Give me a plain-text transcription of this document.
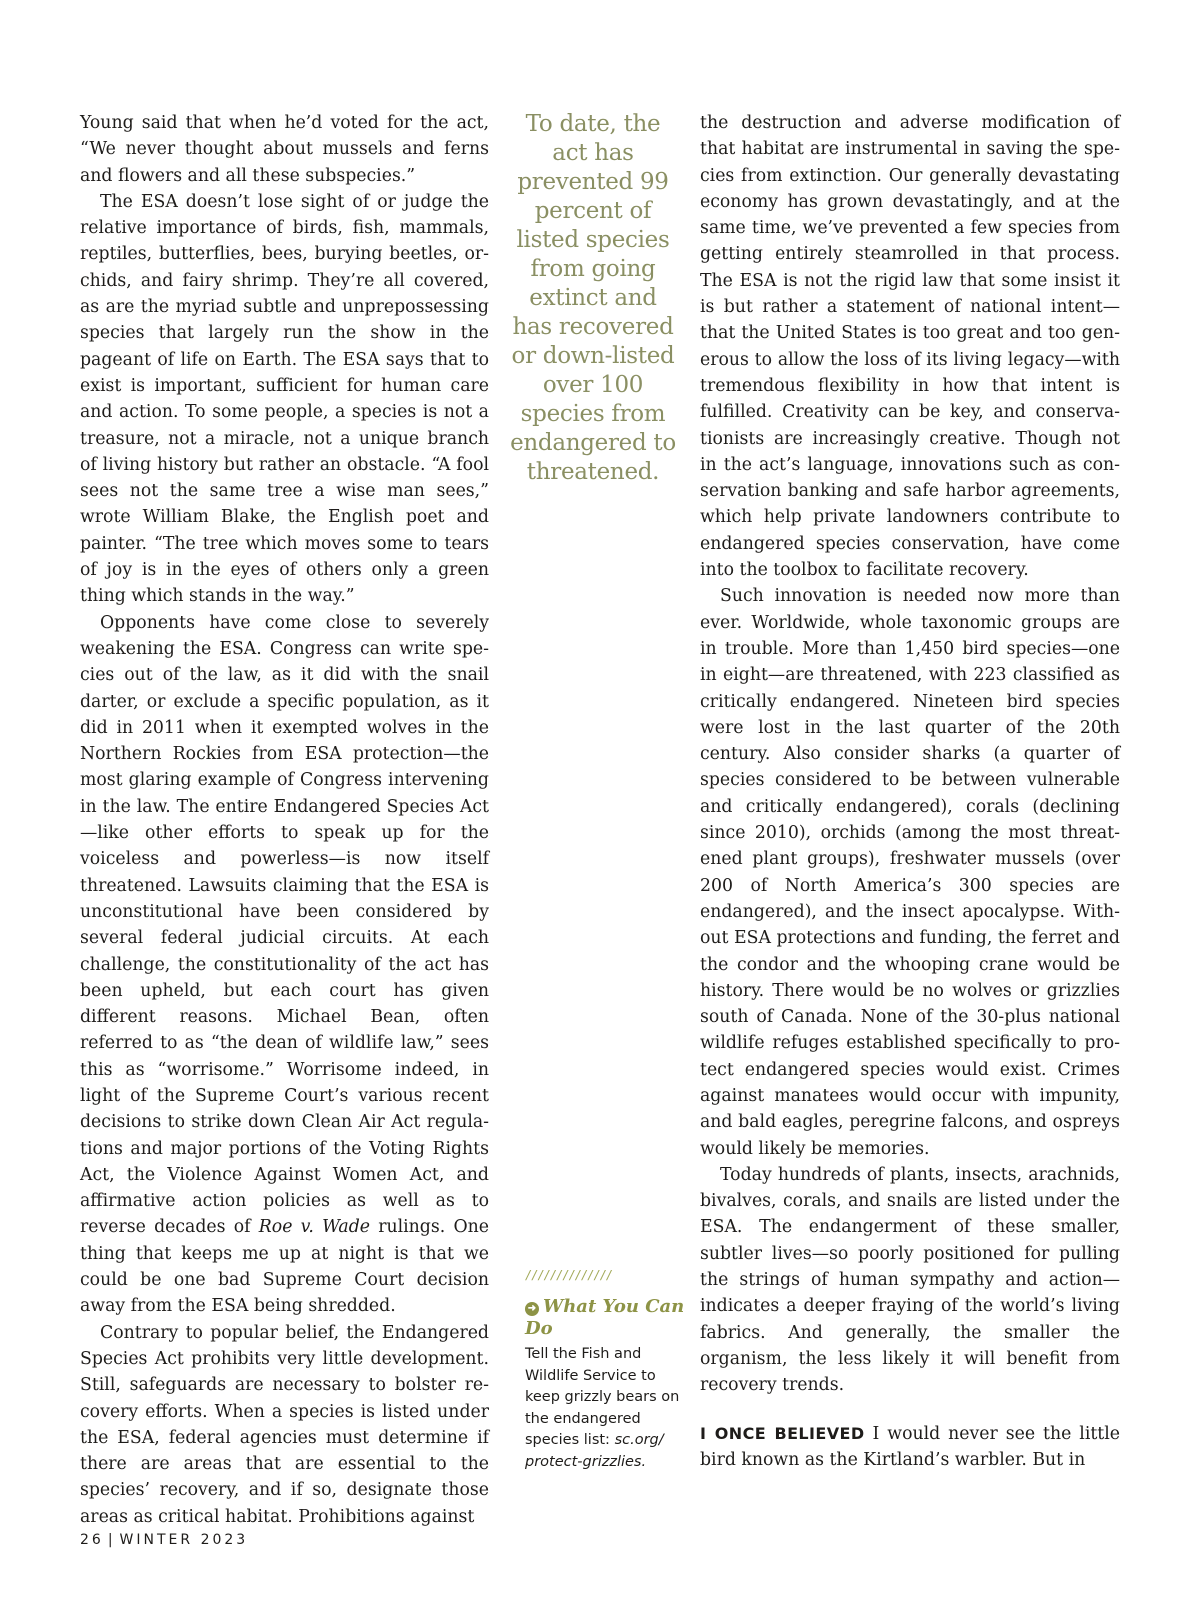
Young said that when he’d voted for the act, “We never thought about mussels and ferns and flowers and all these subspecies.”

The ESA doesn’t lose sight of or judge the relative importance of birds, fish, mammals, reptiles, butterflies, bees, burying beetles, orchids, and fairy shrimp. They’re all covered, as are the myriad subtle and unprepossessing species that largely run the show in the pageant of life on Earth. The ESA says that to exist is important, sufficient for human care and action. To some people, a species is not a treasure, not a miracle, not a unique branch of living history but rather an obstacle. “A fool sees not the same tree a wise man sees,” wrote William Blake, the English poet and painter. “The tree which moves some to tears of joy is in the eyes of others only a green thing which stands in the way.”

Opponents have come close to severely weakening the ESA. Congress can write species out of the law, as it did with the snail darter, or exclude a specific population, as it did in 2011 when it exempted wolves in the Northern Rockies from ESA protection—the most glaring example of Congress intervening in the law. The entire Endangered Species Act—like other efforts to speak up for the voiceless and powerless—is now itself threatened. Lawsuits claiming that the ESA is unconstitutional have been considered by several federal judicial circuits. At each challenge, the constitutionality of the act has been upheld, but each court has given different reasons. Michael Bean, often referred to as “the dean of wildlife law,” sees this as “worrisome.” Worrisome indeed, in light of the Supreme Court’s various recent decisions to strike down Clean Air Act regulations and major portions of the Voting Rights Act, the Violence Against Women Act, and affirmative action policies as well as to reverse decades of Roe v. Wade rulings. One thing that keeps me up at night is that we could be one bad Supreme Court decision away from the ESA being shredded.

Contrary to popular belief, the Endangered Species Act prohibits very little development. Still, safeguards are necessary to bolster recovery efforts. When a species is listed under the ESA, federal agencies must determine if there are areas that are essential to the species’ recovery, and if so, designate those areas as critical habitat. Prohibitions against

To date, the act has prevented 99 percent of listed species from going extinct and has recovered or down-listed over 100 species from endangered to threatened.
//////////////
➜ What You Can Do
Tell the Fish and Wildlife Service to keep grizzly bears on the endangered species list: sc.org/ protect-grizzlies.

the destruction and adverse modification of that habitat are instrumental in saving the species from extinction. Our generally devastating economy has grown devastatingly, and at the same time, we’ve prevented a few species from getting entirely steamrolled in that process. The ESA is not the rigid law that some insist it is but rather a statement of national intent—that the United States is too great and too generous to allow the loss of its living legacy—with tremendous flexibility in how that intent is fulfilled. Creativity can be key, and conservationists are increasingly creative. Though not in the act’s language, innovations such as conservation banking and safe harbor agreements, which help private landowners contribute to endangered species conservation, have come into the toolbox to facilitate recovery.

Such innovation is needed now more than ever. Worldwide, whole taxonomic groups are in trouble. More than 1,450 bird species—one in eight—are threatened, with 223 classified as critically endangered. Nineteen bird species were lost in the last quarter of the 20th century. Also consider sharks (a quarter of species considered to be between vulnerable and critically endangered), corals (declining since 2010), orchids (among the most threatened plant groups), freshwater mussels (over 200 of North America’s 300 species are endangered), and the insect apocalypse. Without ESA protections and funding, the ferret and the condor and the whooping crane would be history. There would be no wolves or grizzlies south of Canada. None of the 30-plus national wildlife refuges established specifically to protect endangered species would exist. Crimes against manatees would occur with impunity, and bald eagles, peregrine falcons, and ospreys would likely be memories.

Today hundreds of plants, insects, arachnids, bivalves, corals, and snails are listed under the ESA. The endangerment of these smaller, subtler lives—so poorly positioned for pulling the strings of human sympathy and action—indicates a deeper fraying of the world’s living fabrics. And generally, the smaller the organism, the less likely it will benefit from recovery trends.

I ONCE BELIEVED I would never see the little bird known as the Kirtland’s warbler. But in

26 | WINTER 2023
